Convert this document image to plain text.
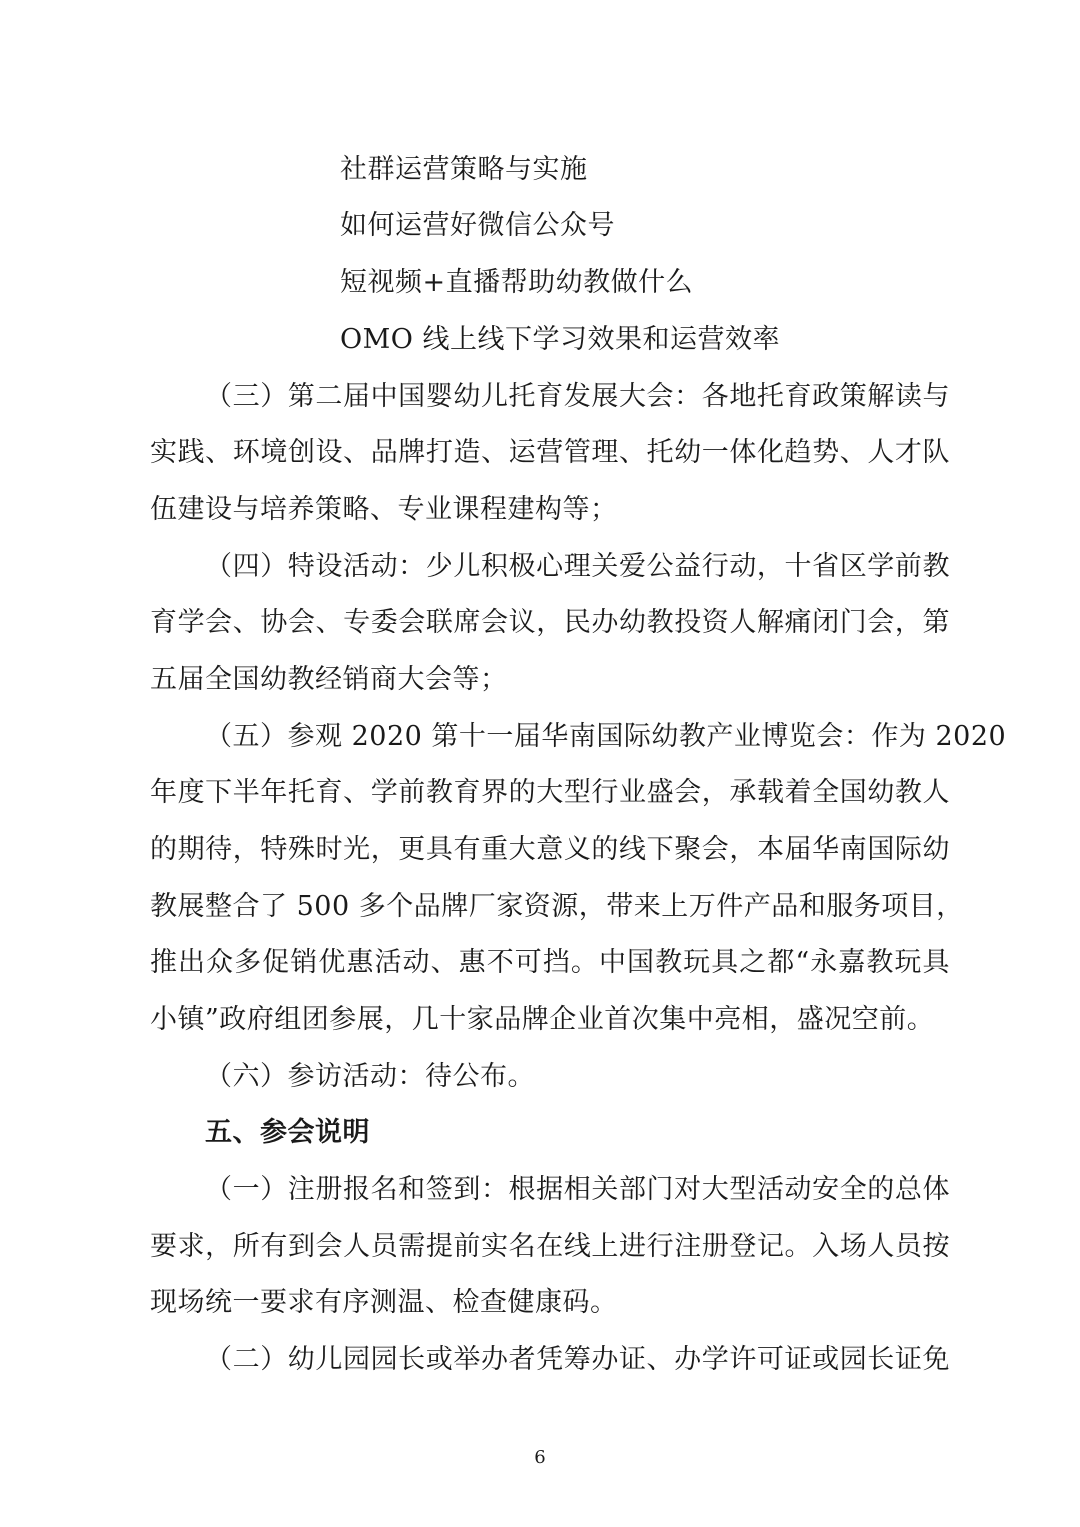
社群运营策略与实施
如何运营好微信公众号
短视频+直播帮助幼教做什么
OMO 线上线下学习效果和运营效率
（三）第二届中国婴幼儿托育发展大会：各地托育政策解读与
实践、环境创设、品牌打造、运营管理、托幼一体化趋势、人才队
伍建设与培养策略、专业课程建构等；
（四）特设活动：少儿积极心理关爱公益行动，十省区学前教
育学会、协会、专委会联席会议，民办幼教投资人解痛闭门会，第
五届全国幼教经销商大会等；
（五）参观 2020 第十一届华南国际幼教产业博览会：作为 2020
年度下半年托育、学前教育界的大型行业盛会，承载着全国幼教人
的期待，特殊时光，更具有重大意义的线下聚会，本届华南国际幼
教展整合了 500 多个品牌厂家资源，带来上万件产品和服务项目，
推出众多促销优惠活动、惠不可挡。中国教玩具之都“永嘉教玩具
小镇”政府组团参展，几十家品牌企业首次集中亮相，盛况空前。
（六）参访活动：待公布。
五、参会说明
（一）注册报名和签到：根据相关部门对大型活动安全的总体
要求，所有到会人员需提前实名在线上进行注册登记。入场人员按
现场统一要求有序测温、检查健康码。
（二）幼儿园园长或举办者凭筹办证、办学许可证或园长证免
6
